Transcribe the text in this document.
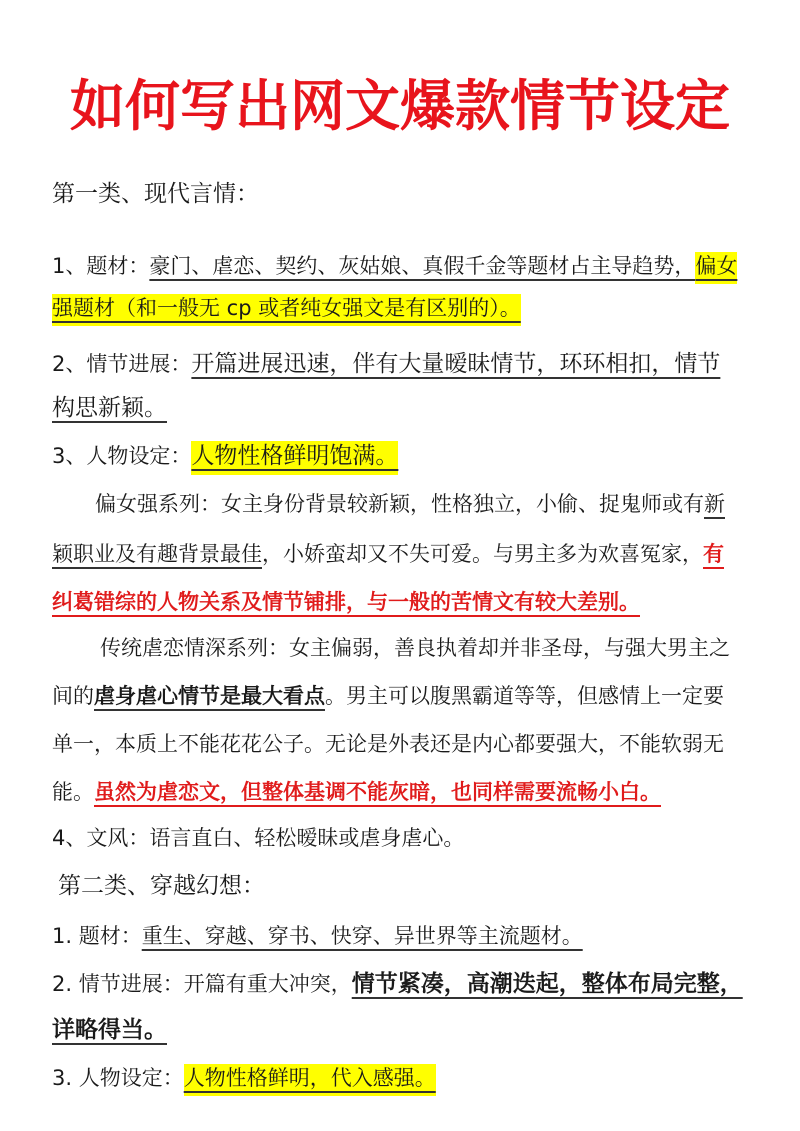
如何写出网文爆款情节设定
第一类、现代言情：
1、题材：豪门、虐恋、契约、灰姑娘、真假千金等题材占主导趋势，偏女
强题材（和一般无 cp 或者纯女强文是有区别的）。
2、情节进展：开篇进展迅速，伴有大量暧昧情节，环环相扣，情节
构思新颖。
3、人物设定：人物性格鲜明饱满。
偏女强系列：女主身份背景较新颖，性格独立，小偷、捉鬼师或有新
颖职业及有趣背景最佳，小娇蛮却又不失可爱。与男主多为欢喜冤家，有
纠葛错综的人物关系及情节铺排，与一般的苦情文有较大差别。
传统虐恋情深系列：女主偏弱，善良执着却并非圣母，与强大男主之
间的虐身虐心情节是最大看点。男主可以腹黑霸道等等，但感情上一定要
单一，本质上不能花花公子。无论是外表还是内心都要强大，不能软弱无
能。虽然为虐恋文，但整体基调不能灰暗，也同样需要流畅小白。
4、文风：语言直白、轻松暧昧或虐身虐心。
第二类、穿越幻想：
1. 题材：重生、穿越、穿书、快穿、异世界等主流题材。
2. 情节进展：开篇有重大冲突，情节紧凑，高潮迭起，整体布局完整，
详略得当。
3. 人物设定：人物性格鲜明，代入感强。
